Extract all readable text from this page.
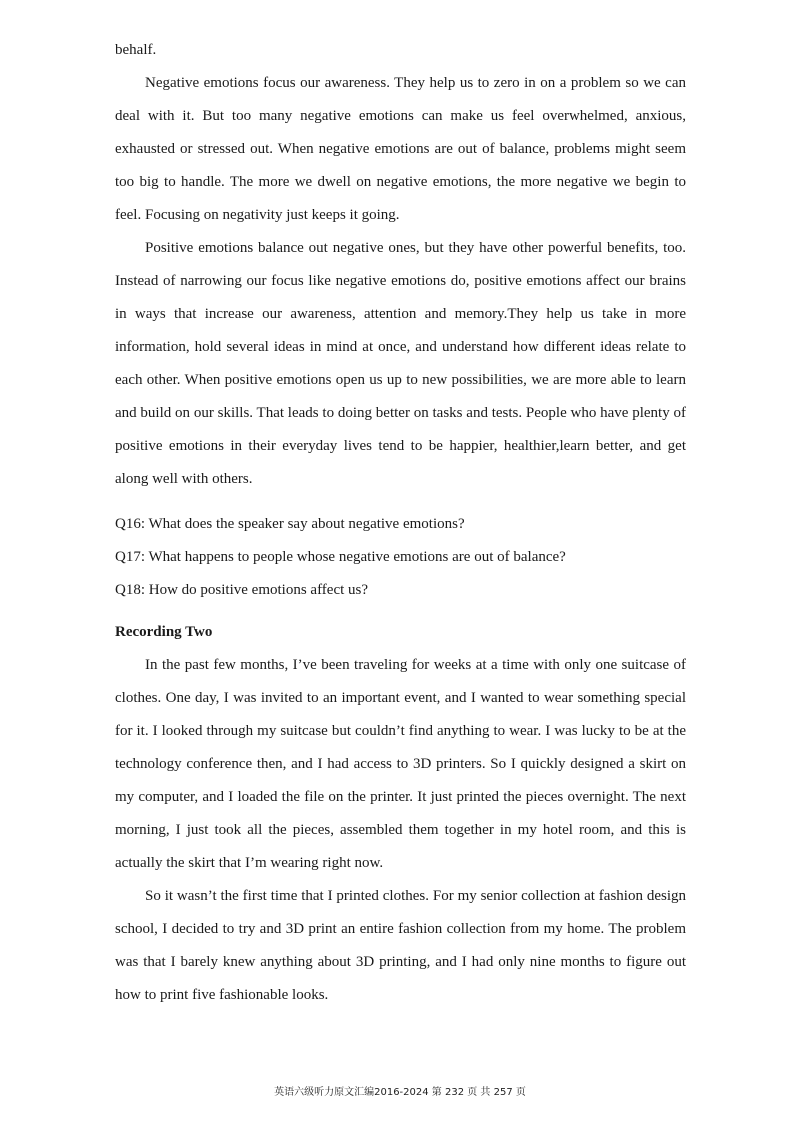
behalf.

Negative emotions focus our awareness. They help us to zero in on a problem so we can deal with it. But too many negative emotions can make us feel overwhelmed, anxious, exhausted or stressed out. When negative emotions are out of balance, problems might seem too big to handle. The more we dwell on negative emotions, the more negative we begin to feel. Focusing on negativity just keeps it going.

Positive emotions balance out negative ones, but they have other powerful benefits, too. Instead of narrowing our focus like negative emotions do, positive emotions affect our brains in ways that increase our awareness, attention and memory.They help us take in more information, hold several ideas in mind at once, and understand how different ideas relate to each other. When positive emotions open us up to new possibilities, we are more able to learn and build on our skills. That leads to doing better on tasks and tests. People who have plenty of positive emotions in their everyday lives tend to be happier, healthier,learn better, and get along well with others.

Q16: What does the speaker say about negative emotions?

Q17: What happens to people whose negative emotions are out of balance?

Q18: How do positive emotions affect us?

Recording Two

In the past few months, I’ve been traveling for weeks at a time with only one suitcase of clothes. One day, I was invited to an important event, and I wanted to wear something special for it. I looked through my suitcase but couldn’t find anything to wear. I was lucky to be at the technology conference then, and I had access to 3D printers. So I quickly designed a skirt on my computer, and I loaded the file on the printer. It just printed the pieces overnight. The next morning, I just took all the pieces, assembled them together in my hotel room, and this is actually the skirt that I’m wearing right now.

So it wasn’t the first time that I printed clothes. For my senior collection at fashion design school, I decided to try and 3D print an entire fashion collection from my home. The problem was that I barely knew anything about 3D printing, and I had only nine months to figure out how to print five fashionable looks.

英语六级听力原文汇编2016-2024 第 232 页 共 257 页
